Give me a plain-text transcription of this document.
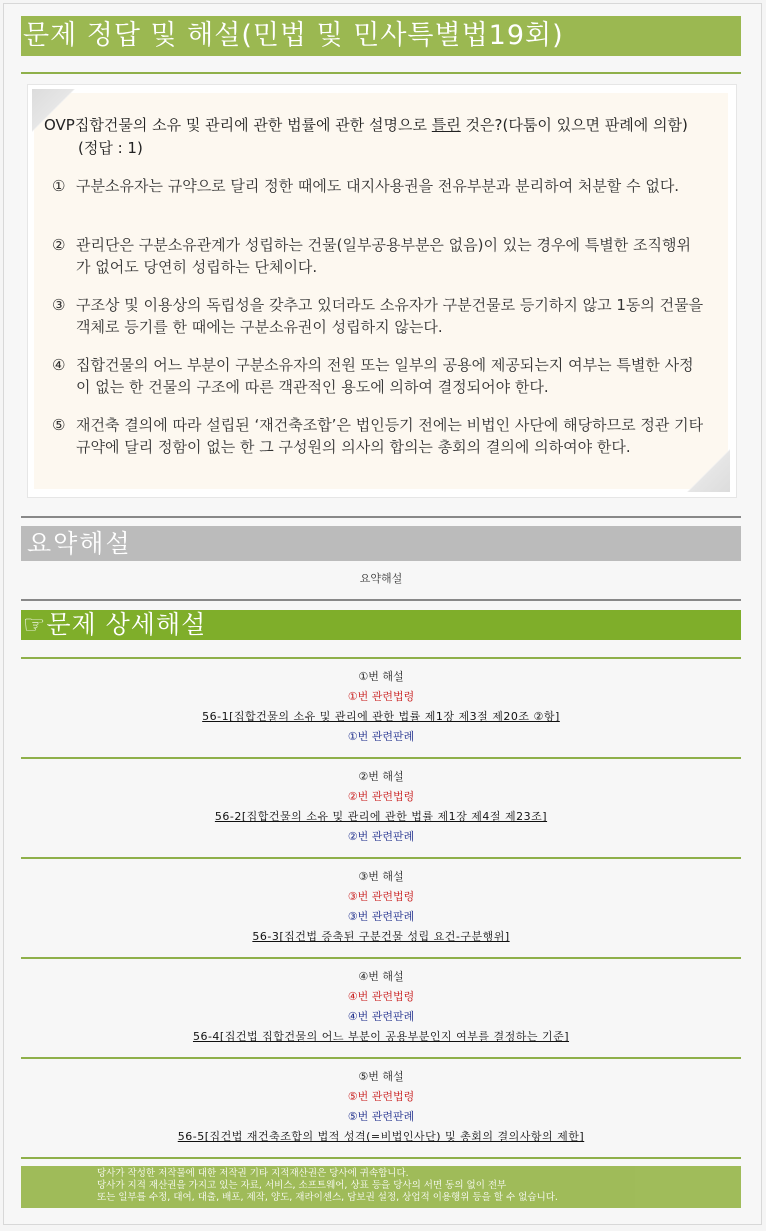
문제 정답 및 해설(민법 및 민사특별법19회)
OVP집합건물의 소유 및 관리에 관한 법률에 관한 설명으로 틀린 것은?(다툼이 있으면 판례에 의함) (정답 : 1)
① 구분소유자는 규약으로 달리 정한 때에도 대지사용권을 전유부분과 분리하여 처분할 수 없다.
② 관리단은 구분소유관계가 성립하는 건물(일부공용부분은 없음)이 있는 경우에 특별한 조직행위가 없어도 당연히 성립하는 단체이다.
③ 구조상 및 이용상의 독립성을 갖추고 있더라도 소유자가 구분건물로 등기하지 않고 1동의 건물을 객체로 등기를 한 때에는 구분소유권이 성립하지 않는다.
④ 집합건물의 어느 부분이 구분소유자의 전원 또는 일부의 공용에 제공되는지 여부는 특별한 사정이 없는 한 건물의 구조에 따른 객관적인 용도에 의하여 결정되어야 한다.
⑤ 재건축 결의에 따라 설립된 ‘재건축조합’은 법인등기 전에는 비법인 사단에 해당하므로 정관 기타 규약에 달리 정함이 없는 한 그 구성원의 의사의 합의는 총회의 결의에 의하여야 한다.
요약해설
요약해설
☞문제 상세해설
①번 해설
①번 관련법령
56-1[집합건물의 소유 및 관리에 관한 법률 제1장 제3절 제20조 ②항]
①번 관련판례
②번 해설
②번 관련법령
56-2[집합건물의 소유 및 관리에 관한 법률 제1장 제4절 제23조]
②번 관련판례
③번 해설
③번 관련법령
③번 관련판례
56-3[집건법 증축된 구분건물 성립 요건-구분행위]
④번 해설
④번 관련법령
④번 관련판례
56-4[집건법 집합건물의 어느 부분이 공용부분인지 여부를 결정하는 기준]
⑤번 해설
⑤번 관련법령
⑤번 관련판례
56-5[집건법 재건축조합의 법적 성격(=비법인사단) 및 총회의 결의사항의 제한]
당사가 작성한 저작물에 대한 저작권 기타 지적재산권은 당사에 귀속합니다.
당사가 지적 재산권을 가지고 있는 자료, 서비스, 소프트웨어, 상표 등을 당사의 서면 동의 없이 전부
또는 일부를 수정, 대여, 대출, 배포, 제작, 양도, 재라이센스, 담보권 설정, 상업적 이용행위 등을 할 수 없습니다.
